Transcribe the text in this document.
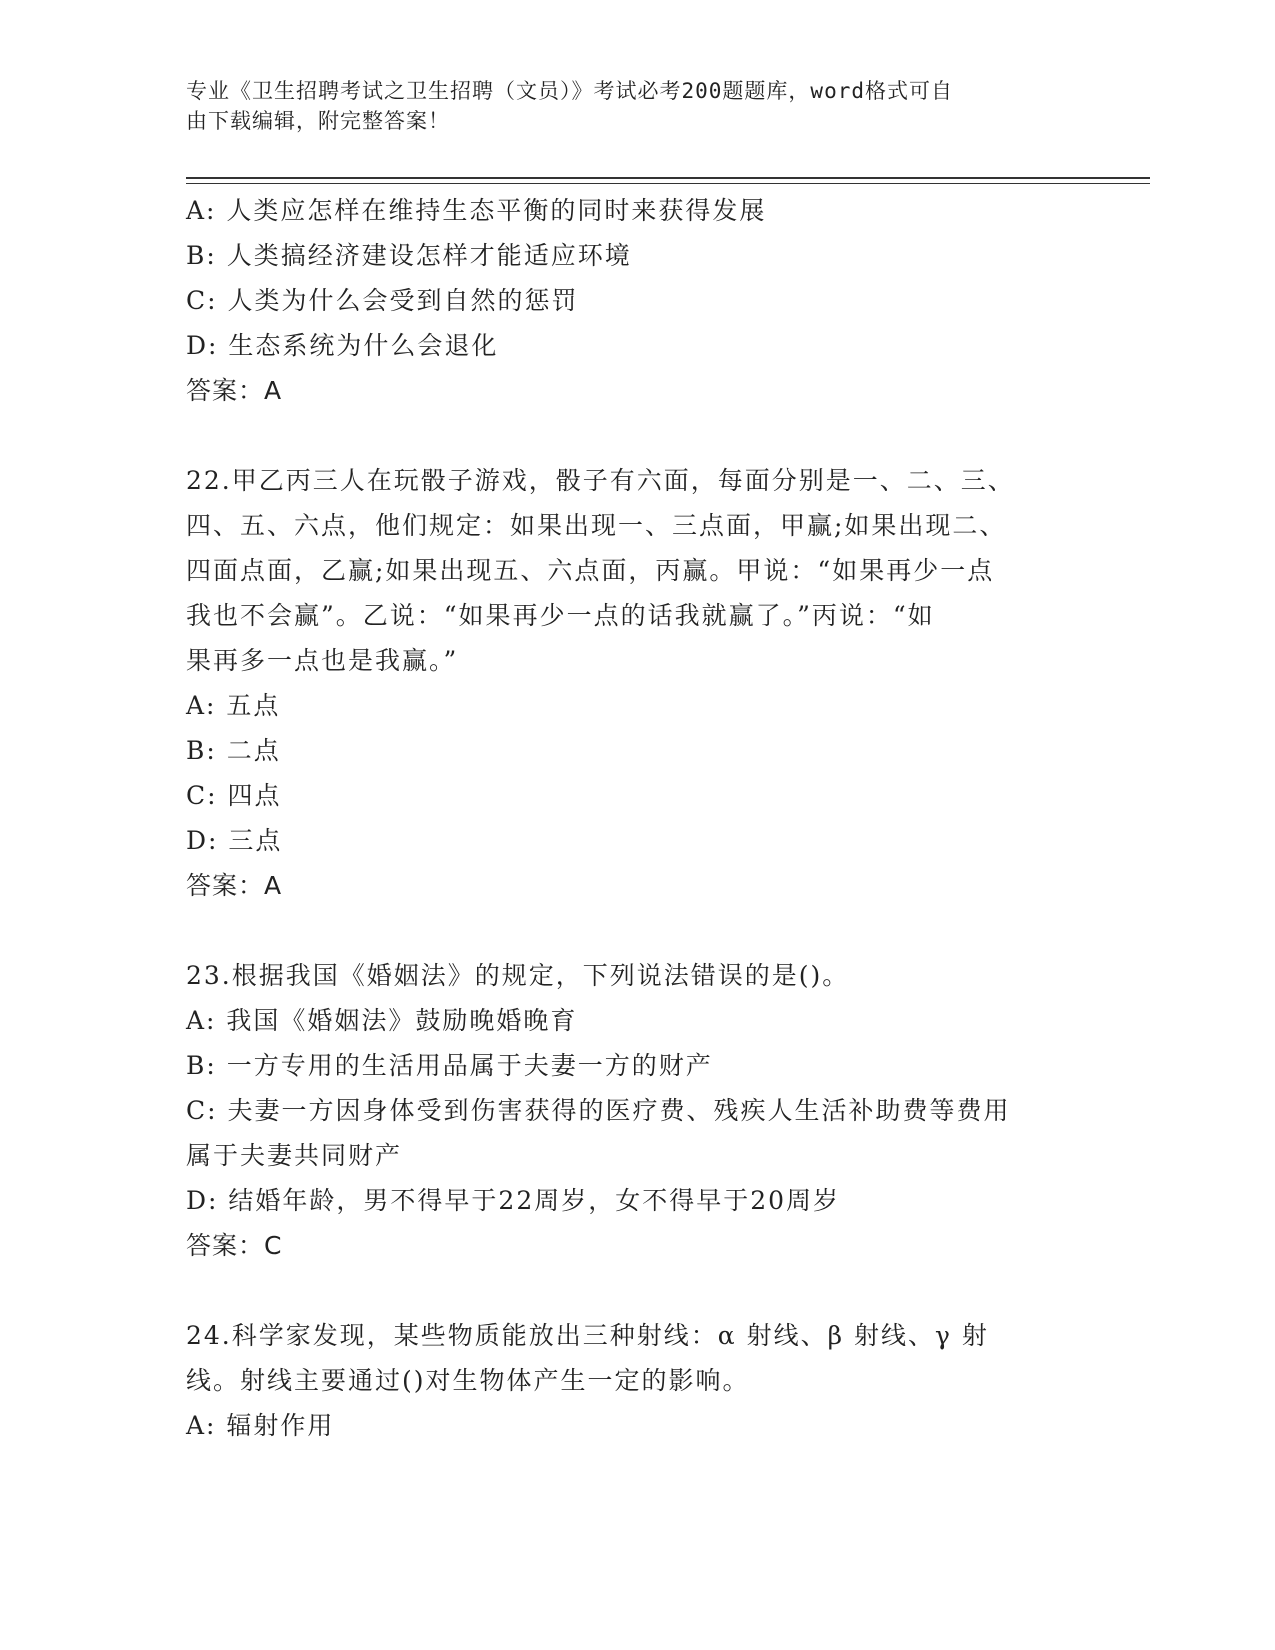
专业《卫生招聘考试之卫生招聘（文员）》考试必考200题题库，word格式可自
由下载编辑，附完整答案！

A: 人类应怎样在维持生态平衡的同时来获得发展

B: 人类搞经济建设怎样才能适应环境

C: 人类为什么会受到自然的惩罚

D: 生态系统为什么会退化

答案：A

22.甲乙丙三人在玩骰子游戏，骰子有六面，每面分别是一、二、三、

四、五、六点，他们规定：如果出现一、三点面，甲赢;如果出现二、

四面点面，乙赢;如果出现五、六点面，丙赢。甲说：“如果再少一点

我也不会赢”。乙说：“如果再少一点的话我就赢了。”丙说：“如

果再多一点也是我赢。”

A: 五点

B: 二点

C: 四点

D: 三点

答案：A

23.根据我国《婚姻法》的规定，下列说法错误的是()。

A: 我国《婚姻法》鼓励晚婚晚育

B: 一方专用的生活用品属于夫妻一方的财产

C: 夫妻一方因身体受到伤害获得的医疗费、残疾人生活补助费等费用

属于夫妻共同财产

D: 结婚年龄，男不得早于22周岁，女不得早于20周岁

答案：C

24.科学家发现，某些物质能放出三种射线：α 射线、β 射线、γ 射

线。射线主要通过()对生物体产生一定的影响。

A: 辐射作用
